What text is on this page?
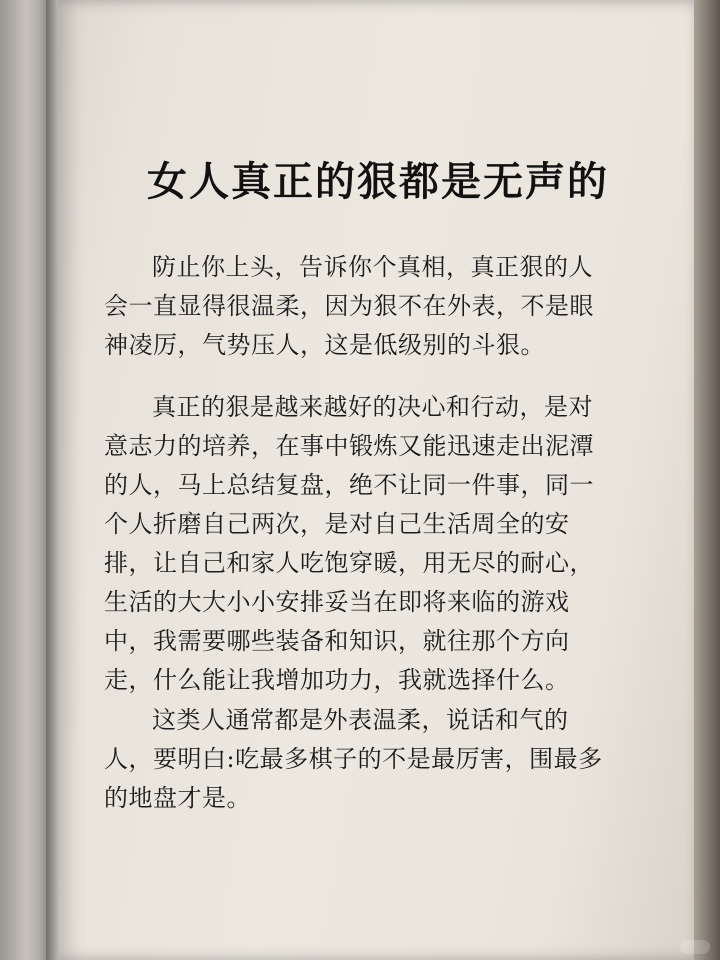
女人真正的狠都是无声的

防止你上头，告诉你个真相，真正狠的人会一直显得很温柔，因为狠不在外表，不是眼神凌厉，气势压人，这是低级别的斗狠。

真正的狠是越来越好的决心和行动，是对意志力的培养，在事中锻炼又能迅速走出泥潭的人，马上总结复盘，绝不让同一件事，同一个人折磨自己两次，是对自己生活周全的安排，让自己和家人吃饱穿暖，用无尽的耐心，生活的大大小小安排妥当在即将来临的游戏中，我需要哪些装备和知识，就往那个方向走，什么能让我增加功力，我就选择什么。

这类人通常都是外表温柔，说话和气的人，要明白:吃最多棋子的不是最厉害，围最多的地盘才是。
